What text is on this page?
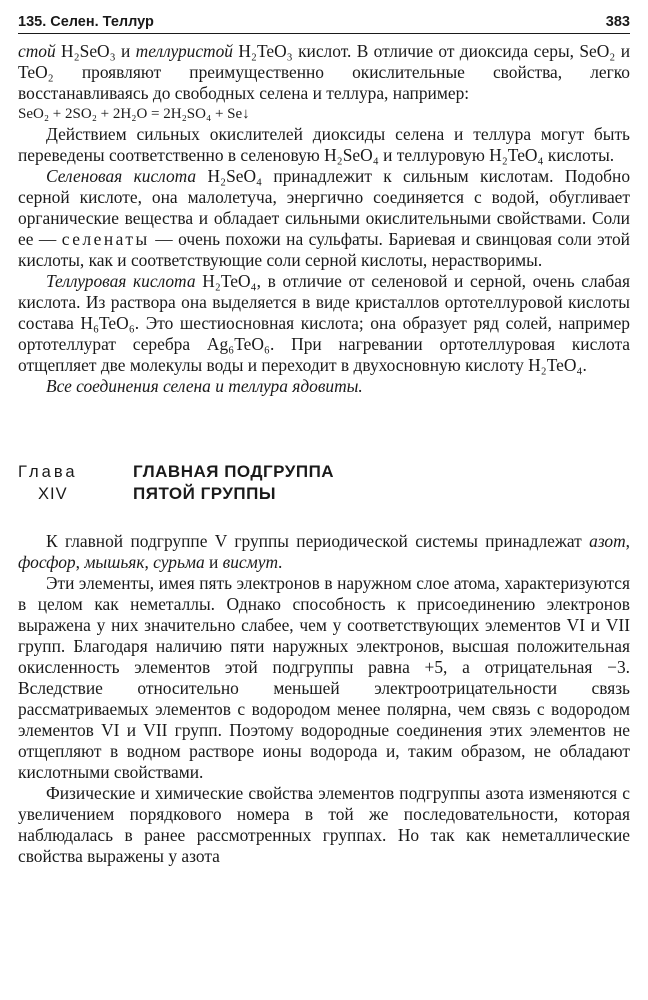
135. Селен. Теллур	383

стой H₂SeO₃ и теллуристой H₂TeO₃ кислот. В отличие от диоксида серы, SeO₂ и TeO₂ проявляют преимущественно окислительные свойства, легко восстанавливаясь до свободных селена и теллура, например:

SeO₂ + 2SO₂ + 2H₂O = 2H₂SO₄ + Se↓

Действием сильных окислителей диоксиды селена и теллура могут быть переведены соответственно в селеновую H₂SeO₄ и теллуровую H₂TeO₄ кислоты.

Селеновая кислота H₂SeO₄ принадлежит к сильным кислотам. Подобно серной кислоте, она малолетуча, энергично соединяется с водой, обугливает органические вещества и обладает сильными окислительными свойствами. Соли ее — селенаты — очень похожи на сульфаты. Бариевая и свинцовая соли этой кислоты, как и соответствующие соли серной кислоты, нерастворимы.

Теллуровая кислота H₂TeO₄, в отличие от селеновой и серной, очень слабая кислота. Из раствора она выделяется в виде кристаллов ортотеллуровой кислоты состава H₆TeO₆. Это шестиосновная кислота; она образует ряд солей, например ортотеллурат серебра Ag₆TeO₆. При нагревании ортотеллуровая кислота отщепляет две молекулы воды и переходит в двухосновную кислоту H₂TeO₄.

Все соединения селена и теллура ядовиты.

Глава
XIV
ГЛАВНАЯ ПОДГРУППА
ПЯТОЙ ГРУППЫ

К главной подгруппе V группы периодической системы принадлежат азот, фосфор, мышьяк, сурьма и висмут.

Эти элементы, имея пять электронов в наружном слое атома, характеризуются в целом как неметаллы. Однако способность к присоединению электронов выражена у них значительно слабее, чем у соответствующих элементов VI и VII групп. Благодаря наличию пяти наружных электронов, высшая положительная окисленность элементов этой подгруппы равна +5, а отрицательная −3. Вследствие относительно меньшей электроотрицательности связь рассматриваемых элементов с водородом менее полярна, чем связь с водородом элементов VI и VII групп. Поэтому водородные соединения этих элементов не отщепляют в водном растворе ионы водорода и, таким образом, не обладают кислотными свойствами.

Физические и химические свойства элементов подгруппы азота изменяются с увеличением порядкового номера в той же последовательности, которая наблюдалась в ранее рассмотренных группах. Но так как неметаллические свойства выражены у азота
